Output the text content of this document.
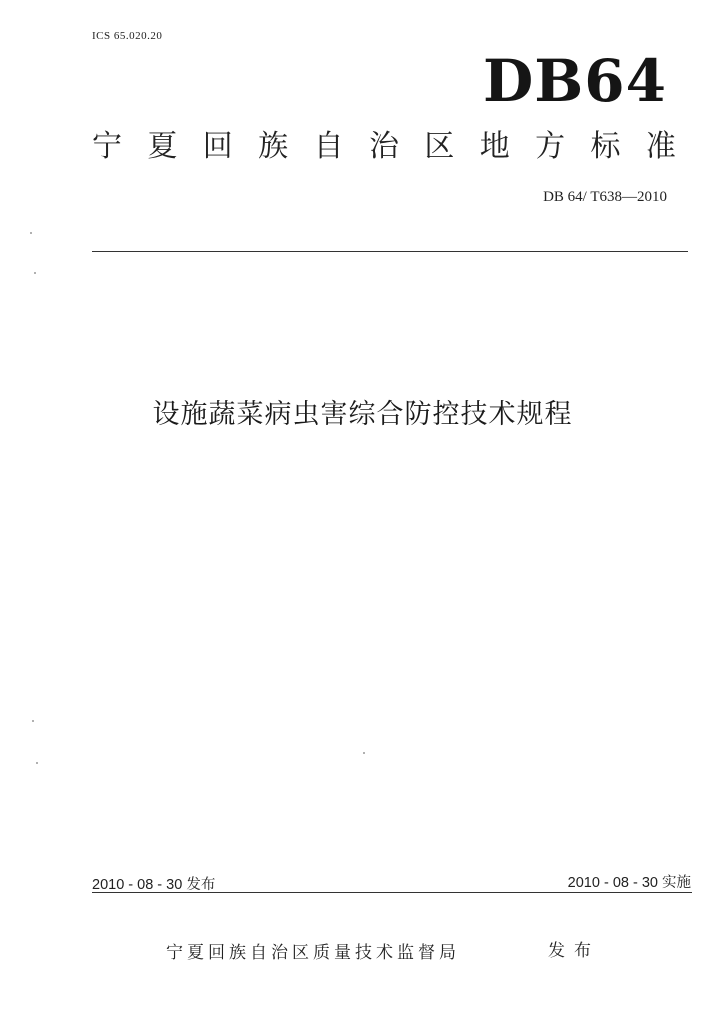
ICS 65.020.20
DB64
宁 夏 回 族 自 治 区 地 方 标 准
DB 64/ T638—2010
设施蔬菜病虫害综合防控技术规程
2010 - 08 - 30 发布	2010 - 08 - 30 实施
宁夏回族自治区质量技术监督局	发布
